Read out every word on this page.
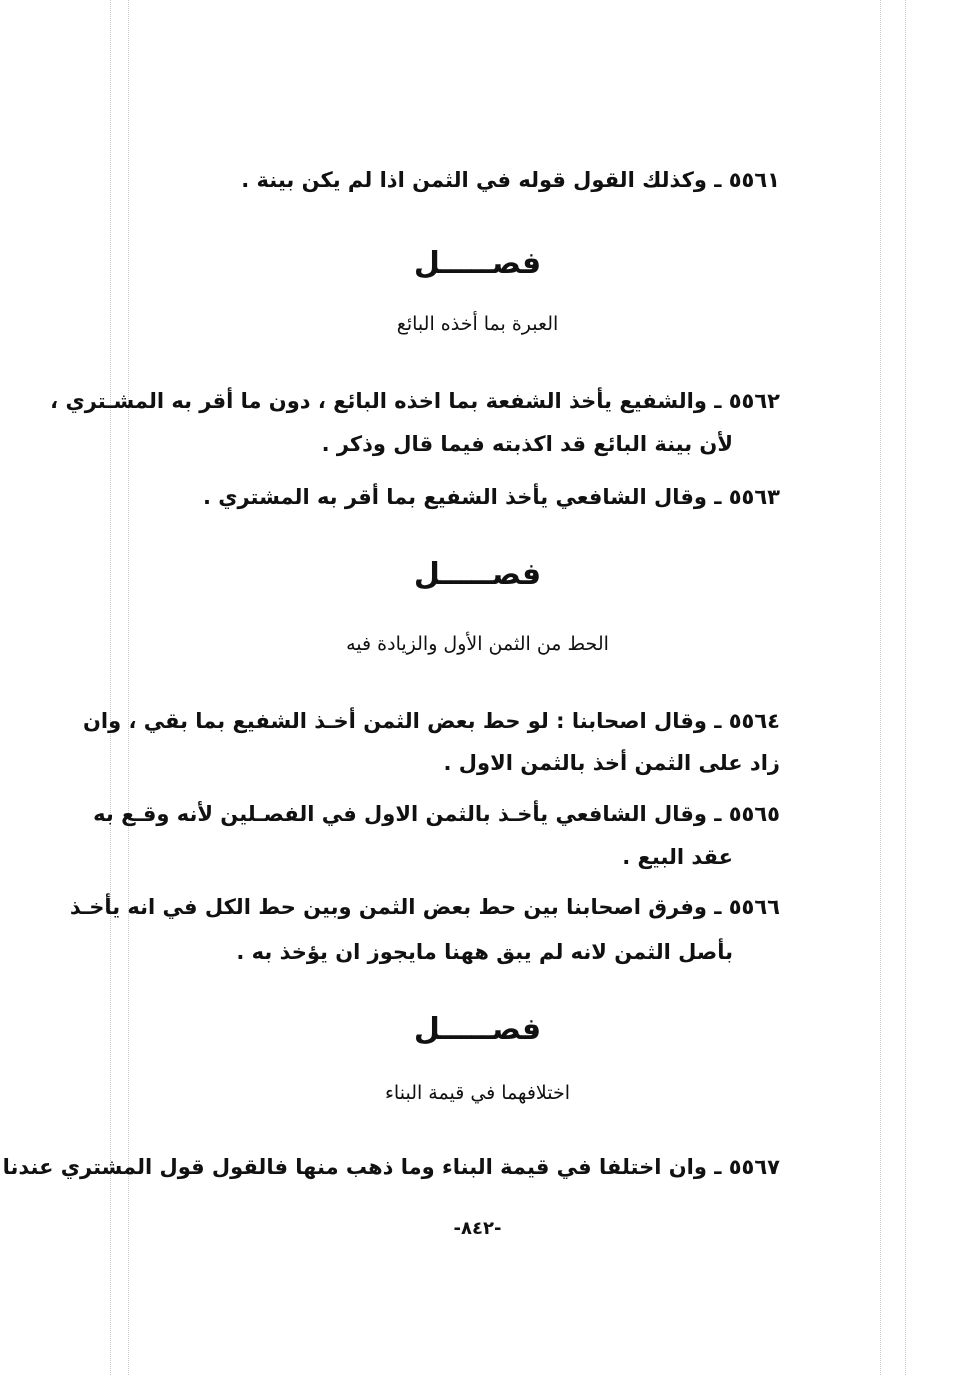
٥٥٦١ ـ وكذلك القول قوله في الثمن اذا لم يكن بينة .
فصـــــل
العبرة بما أخذه البائع
٥٥٦٢ ـ والشفيع يأخذ الشفعة بما اخذه البائع ، دون ما أقر به المشـتري ،
لأن بينة البائع قد اكذبته فيما قال وذكر .
٥٥٦٣ ـ وقال الشافعي يأخذ الشفيع بما أقر به المشتري .
فصـــــل
الحط من الثمن الأول والزيادة فيه
٥٥٦٤ ـ وقال اصحابنا : لو حط بعض الثمن أخـذ الشفيع بما بقي ، وان
زاد على الثمن أخذ بالثمن الاول .
٥٥٦٥ ـ وقال الشافعي يأخـذ بالثمن الاول في الفصـلين لأنه وقـع به
عقد البيع .
٥٥٦٦ ـ وفرق اصحابنا بين حط بعض الثمن وبين حط الكل في انه يأخـذ
بأصل الثمن لانه لم يبق ههنا مايجوز ان يؤخذ به .
فصـــــل
اختلافهما في قيمة البناء
٥٥٦٧ ـ وان اختلفا في قيمة البناء وما ذهب منها فالقول قول المشتري عندنا
-٨٤٢-
